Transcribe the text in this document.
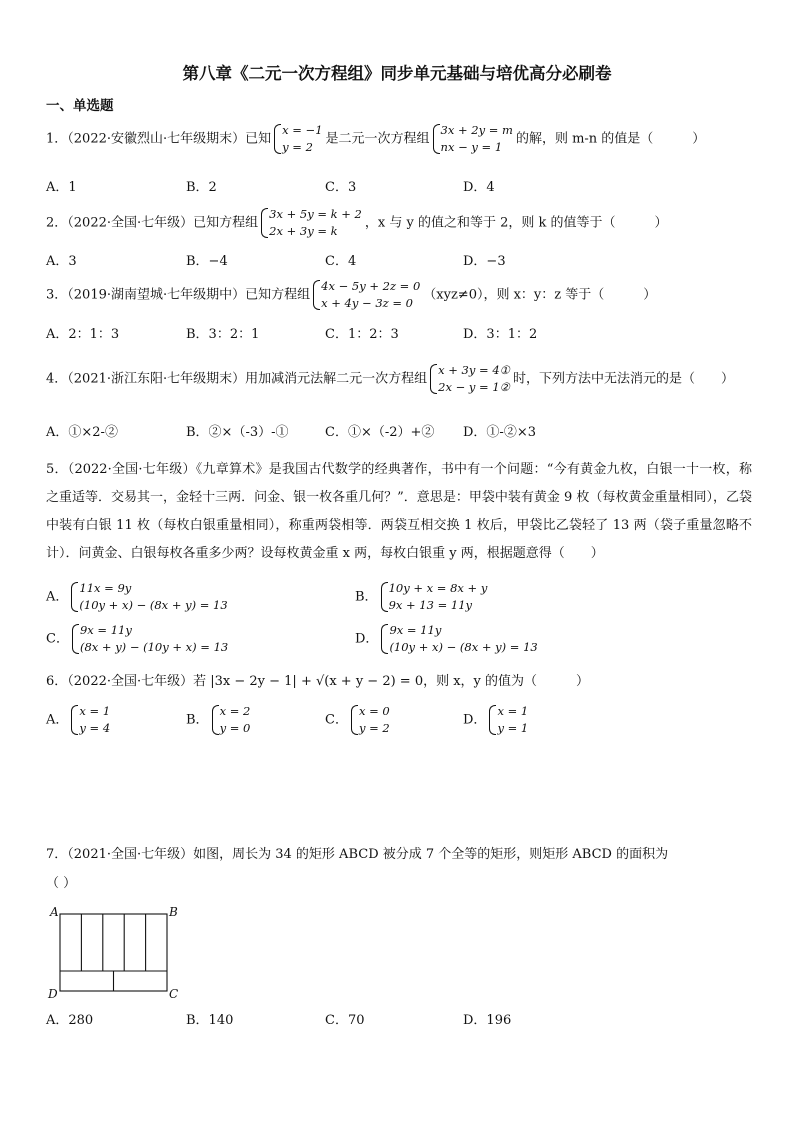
第八章《二元一次方程组》同步单元基础与培优高分必刷卷
一、单选题
1．（2022·安徽烈山·七年级期末）已知
x = −1
y = 2
是二元一次方程组
3x + 2y = m
nx − y = 1
的解，则 m-n 的值是（　　　）
A．1	B．2	C．3	D．4
2．（2022·全国·七年级）已知方程组
3x + 5y = k + 2
2x + 3y = k
，x 与 y 的值之和等于 2，则 k 的值等于（　　　）
A．3	B．−4	C．4	D．−3
3．（2019·湖南望城·七年级期中）已知方程组
4x − 5y + 2z = 0
x + 4y − 3z = 0
（xyz≠0），则 x：y：z 等于（　　　）
A．2：1：3	B．3：2：1	C．1：2：3	D．3：1：2
4．（2021·浙江东阳·七年级期末）用加减消元法解二元一次方程组
x + 3y = 4①
2x − y = 1②
时，下列方法中无法消元的是（　　）
A．①×2-②	B．②×（-3）-①	C．①×（-2）+② D．①-②×3
5．（2022·全国·七年级）《九章算术》是我国古代数学的经典著作，书中有一个问题：“今有黄金九枚，白银一十一枚，称之重适等．交易其一，金轻十三两．问金、银一枚各重几何？”．意思是：甲袋中装有黄金 9 枚（每枚黄金重量相同），乙袋中装有白银 11 枚（每枚白银重量相同），称重两袋相等．两袋互相交换 1 枚后，甲袋比乙袋轻了 13 两（袋子重量忽略不计）．问黄金、白银每枚各重多少两？设每枚黄金重 x 两，每枚白银重 y 两，根据题意得（　　）
A．
11x = 9y
(10y + x) − (8x + y) = 13
B．
10y + x = 8x + y
9x + 13 = 11y
C．
9x = 11y
(8x + y) − (10y + x) = 13
D．
9x = 11y
(10y + x) − (8x + y) = 13
6．（2022·全国·七年级）若 |3x − 2y − 1| + √(x + y − 2) = 0，则 x，y 的值为（　　　）
A．
x = 1
y = 4
B．
x = 2
y = 0
C．
x = 0
y = 2
D．
x = 1
y = 1
7．（2021·全国·七年级）如图，周长为 34 的矩形 ABCD 被分成 7 个全等的矩形，则矩形 ABCD 的面积为
（ ）
A	B
D	C
A．280	B．140	C．70	D．196
